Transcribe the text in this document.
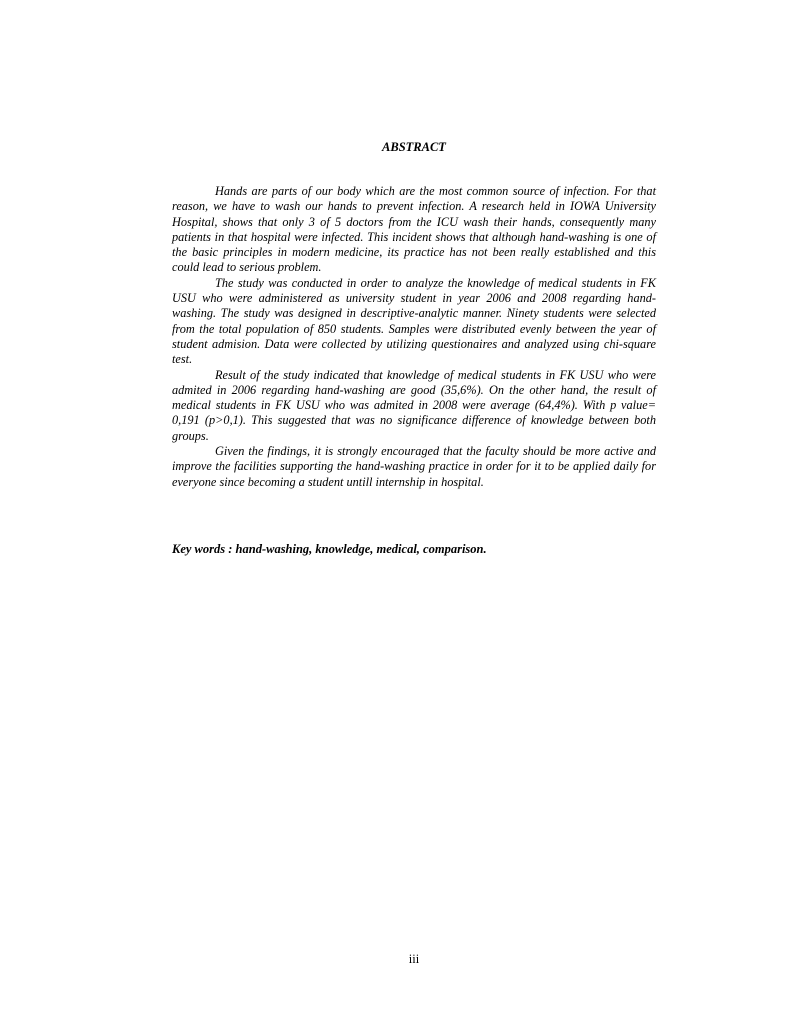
ABSTRACT

Hands are parts of our body which are the most common source of infection. For that reason, we have to wash our hands to prevent infection. A research held in IOWA University Hospital, shows that only 3 of 5 doctors from the ICU wash their hands, consequently many patients in that hospital were infected. This incident shows that although hand-washing is one of the basic principles in modern medicine, its practice has not been really established and this could lead to serious problem.

The study was conducted in order to analyze the knowledge of medical students in FK USU who were administered as university student in year 2006 and 2008 regarding hand-washing. The study was designed in descriptive-analytic manner. Ninety students were selected from the total population of 850 students. Samples were distributed evenly between the year of student admision. Data were collected by utilizing questionaires and analyzed using chi-square test.

Result of the study indicated that knowledge of medical students in FK USU who were admited in 2006 regarding hand-washing are good (35,6%). On the other hand, the result of medical students in FK USU who was admited in 2008 were average (64,4%). With p value= 0,191 (p>0,1). This suggested that was no significance difference of knowledge between both groups.

Given the findings, it is strongly encouraged that the faculty should be more active and improve the facilities supporting the hand-washing practice in order for it to be applied daily for everyone since becoming a student untill internship in hospital.

Key words : hand-washing, knowledge, medical, comparison.
iii
